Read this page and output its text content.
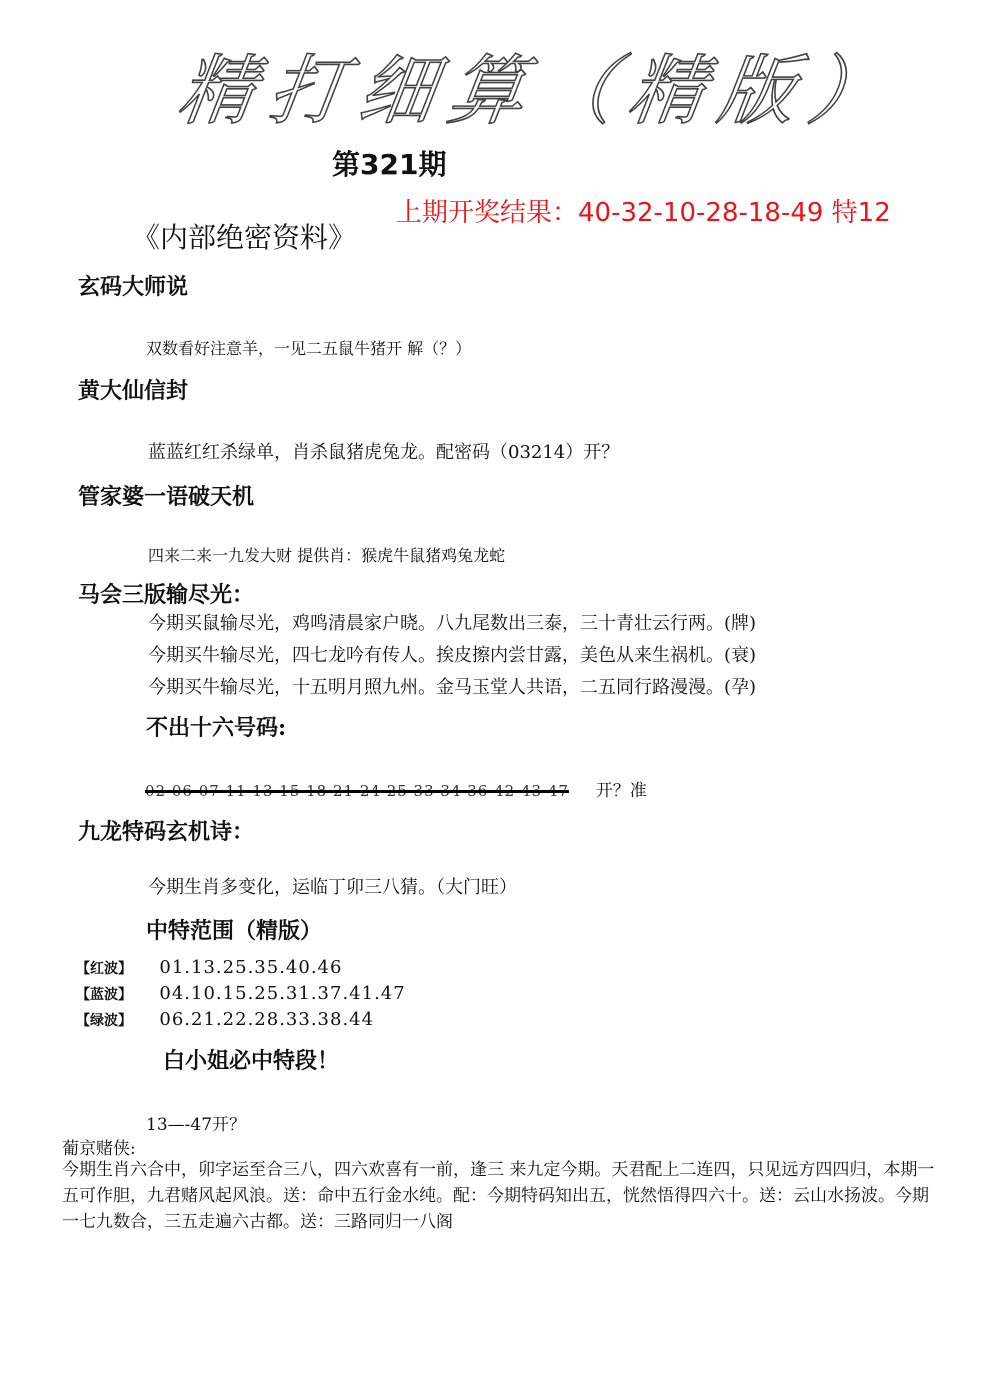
精打细算（精版）
第321期
上期开奖结果：40-32-10-28-18-49 特12
《内部绝密资料》
玄码大师说
双数看好注意羊，一见二五鼠牛猪开 解（？）
黄大仙信封
蓝蓝红红杀绿单，肖杀鼠猪虎兔龙。配密码（03214）开？
管家婆一语破天机
四来二来一九发大财 提供肖：猴虎牛鼠猪鸡兔龙蛇
马会三版输尽光：
今期买鼠输尽光，鸡鸣清晨家户晓。八九尾数出三泰，三十青壮云行两。(牌)
今期买牛输尽光，四七龙吟有传人。挨皮擦内尝甘露，美色从来生祸机。(衰)
今期买牛输尽光，十五明月照九州。金马玉堂人共语，二五同行路漫漫。(孕)
不出十六号码:
02 06 07 11 13 15 18 21 24 25 33 34 36 42 43 47 开？准
九龙特码玄机诗：
今期生肖多变化，运临丁卯三八猜。（大门旺）
中特范围（精版）
【红波】 01.13.25.35.40.46
【蓝波】 04.10.15.25.31.37.41.47
【绿波】 06.21.22.28.33.38.44
白小姐必中特段！
13—-47开？
葡京赌侠:
今期生肖六合中，卯字运至合三八，四六欢喜有一前，逢三 来九定今期。天君配上二连四，只见远方四四归，本期一五可作胆，九君赌风起风浪。送：命中五行金水纯。配：今期特码知出五，恍然悟得四六十。送：云山水扬波。今期一七九数合，三五走遍六古都。送：三路同归一八阁
